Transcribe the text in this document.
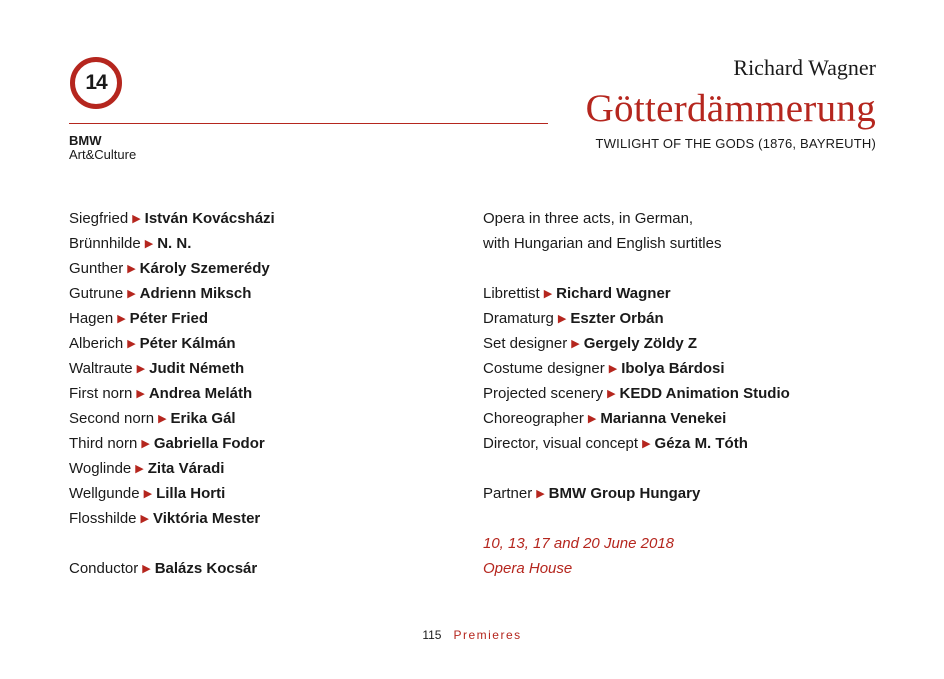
14
BMW
Art&Culture
Richard Wagner
Götterdämmerung
TWILIGHT OF THE GODS (1876, BAYREUTH)
Siegfried ▶ István Kovácsházi
Brünnhilde ▶ N. N.
Gunther ▶ Károly Szemerédy
Gutrune ▶ Adrienn Miksch
Hagen ▶ Péter Fried
Alberich ▶ Péter Kálmán
Waltraute ▶ Judit Németh
First norn ▶ Andrea Meláth
Second norn ▶ Erika Gál
Third norn ▶ Gabriella Fodor
Woglinde ▶ Zita Váradi
Wellgunde ▶ Lilla Horti
Flosshilde ▶ Viktória Mester
Conductor ▶ Balázs Kocsár
Opera in three acts, in German,
with Hungarian and English surtitles
Librettist ▶ Richard Wagner
Dramaturg ▶ Eszter Orbán
Set designer ▶ Gergely Zöldy Z
Costume designer ▶ Ibolya Bárdosi
Projected scenery ▶ KEDD Animation Studio
Choreographer ▶ Marianna Venekei
Director, visual concept ▶ Géza M. Tóth
Partner ▶ BMW Group Hungary
10, 13, 17 and 20 June 2018
Opera House
115 Premieres
